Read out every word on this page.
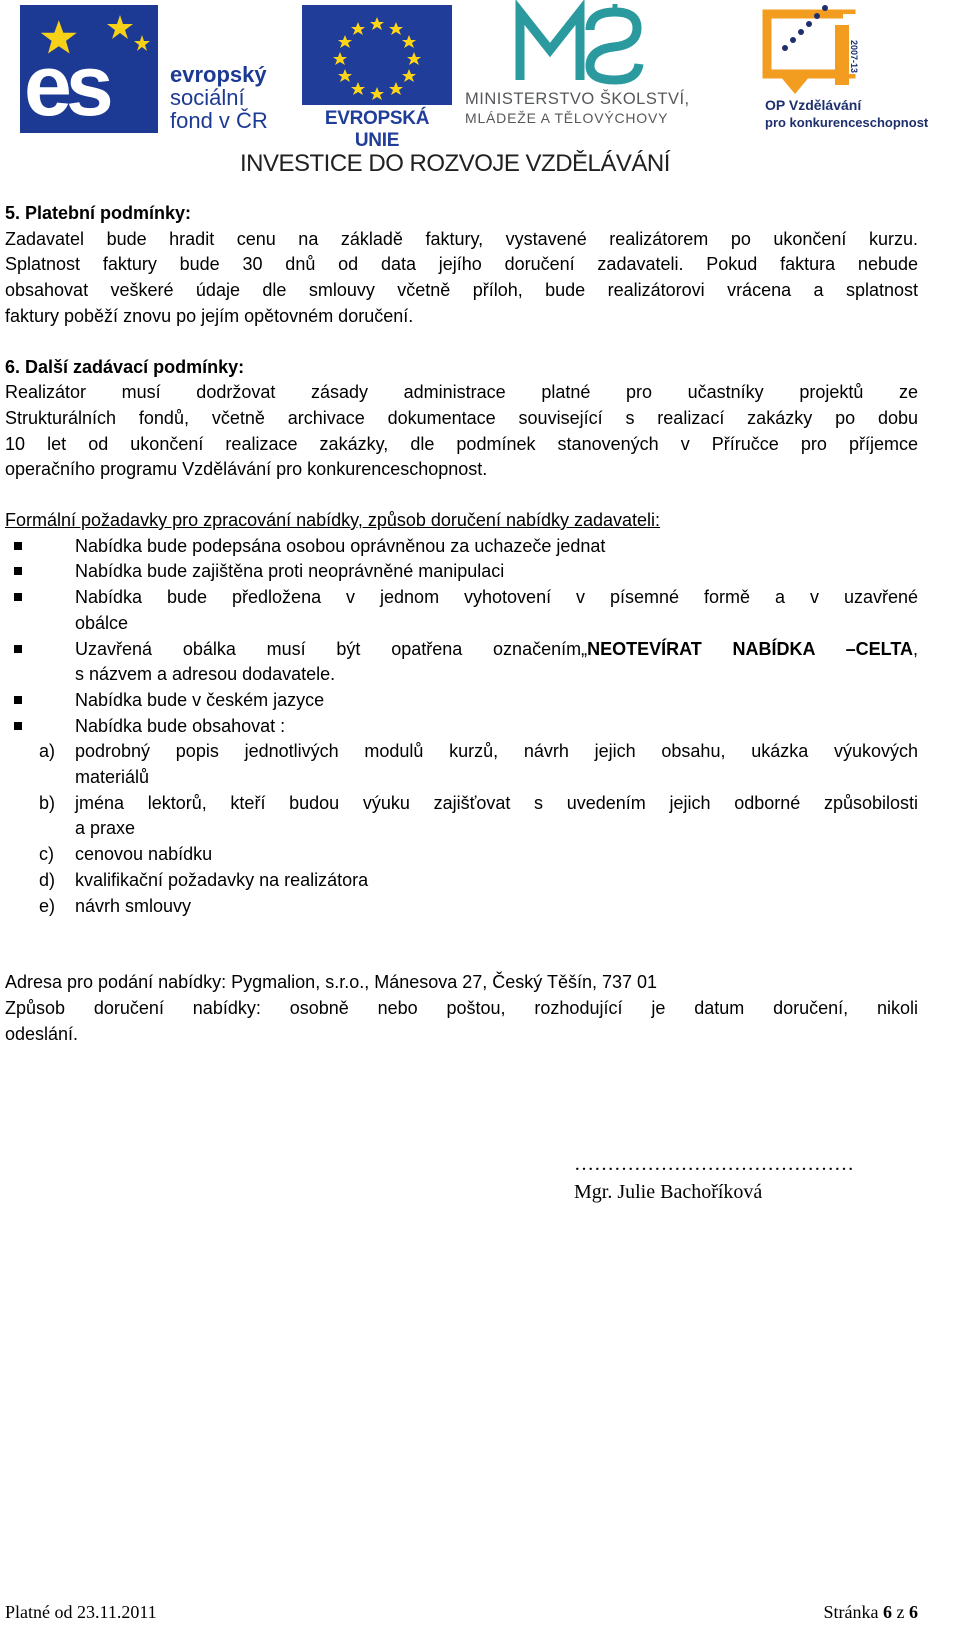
esf evropský
sociální
fond v ČR	EVROPSKÁ UNIE
MINISTERSTVO ŠKOLSTVÍ,
MLÁDEŽE A TĚLOVÝCHOVY
2007-13
OP Vzdělávání
pro konkurenceschopnost
INVESTICE DO ROZVOJE VZDĚLÁVÁNÍ

5. Platební podmínky:

Zadavatel bude hradit cenu na základě faktury, vystavené realizátorem po ukončení kurzu.

Splatnost faktury bude 30 dnů od data jejího doručení zadavateli. Pokud faktura nebude

obsahovat veškeré údaje dle smlouvy včetně příloh, bude realizátorovi vrácena a splatnost

faktury poběží znovu po jejím opětovném doručení.

6. Další zadávací podmínky:

Realizátor musí dodržovat zásady administrace platné pro učastníky projektů ze

Strukturálních fondů, včetně archivace dokumentace související s realizací zakázky po dobu

10 let od ukončení realizace zakázky, dle podmínek stanovených v Příručce pro příjemce

operačního programu Vzdělávání pro konkurenceschopnost.

Formální požadavky pro zpracování nabídky, způsob doručení nabídky zadavateli:

Nabídka bude podepsána osobou oprávněnou za uchazeče jednat
Nabídka bude zajištěna proti neoprávněné manipulaci
Nabídka bude předložena v jednom vyhotovení v písemné formě a v uzavřené
obálce
Uzavřená obálka musí být opatřena označením„NEOTEVÍRAT NABÍDKA –CELTA,
s názvem a adresou dodavatele.
Nabídka bude v českém jazyce
Nabídka bude obsahovat :
a) podrobný popis jednotlivých modulů kurzů, návrh jejich obsahu, ukázka výukových
materiálů
b) jména lektorů, kteří budou výuku zajišťovat s uvedením jejich odborné způsobilosti
a praxe
c) cenovou nabídku
d) kvalifikační požadavky na realizátora
e) návrh smlouvy

Adresa pro podání nabídky: Pygmalion, s.r.o., Mánesova 27, Český Těšín, 737 01

Způsob doručení nabídky: osobně nebo poštou, rozhodující je datum doručení, nikoli

odeslání.

……………………………………
Mgr. Julie Bachoříková
Platné od 23.11.2011	Stránka 6 z 6
